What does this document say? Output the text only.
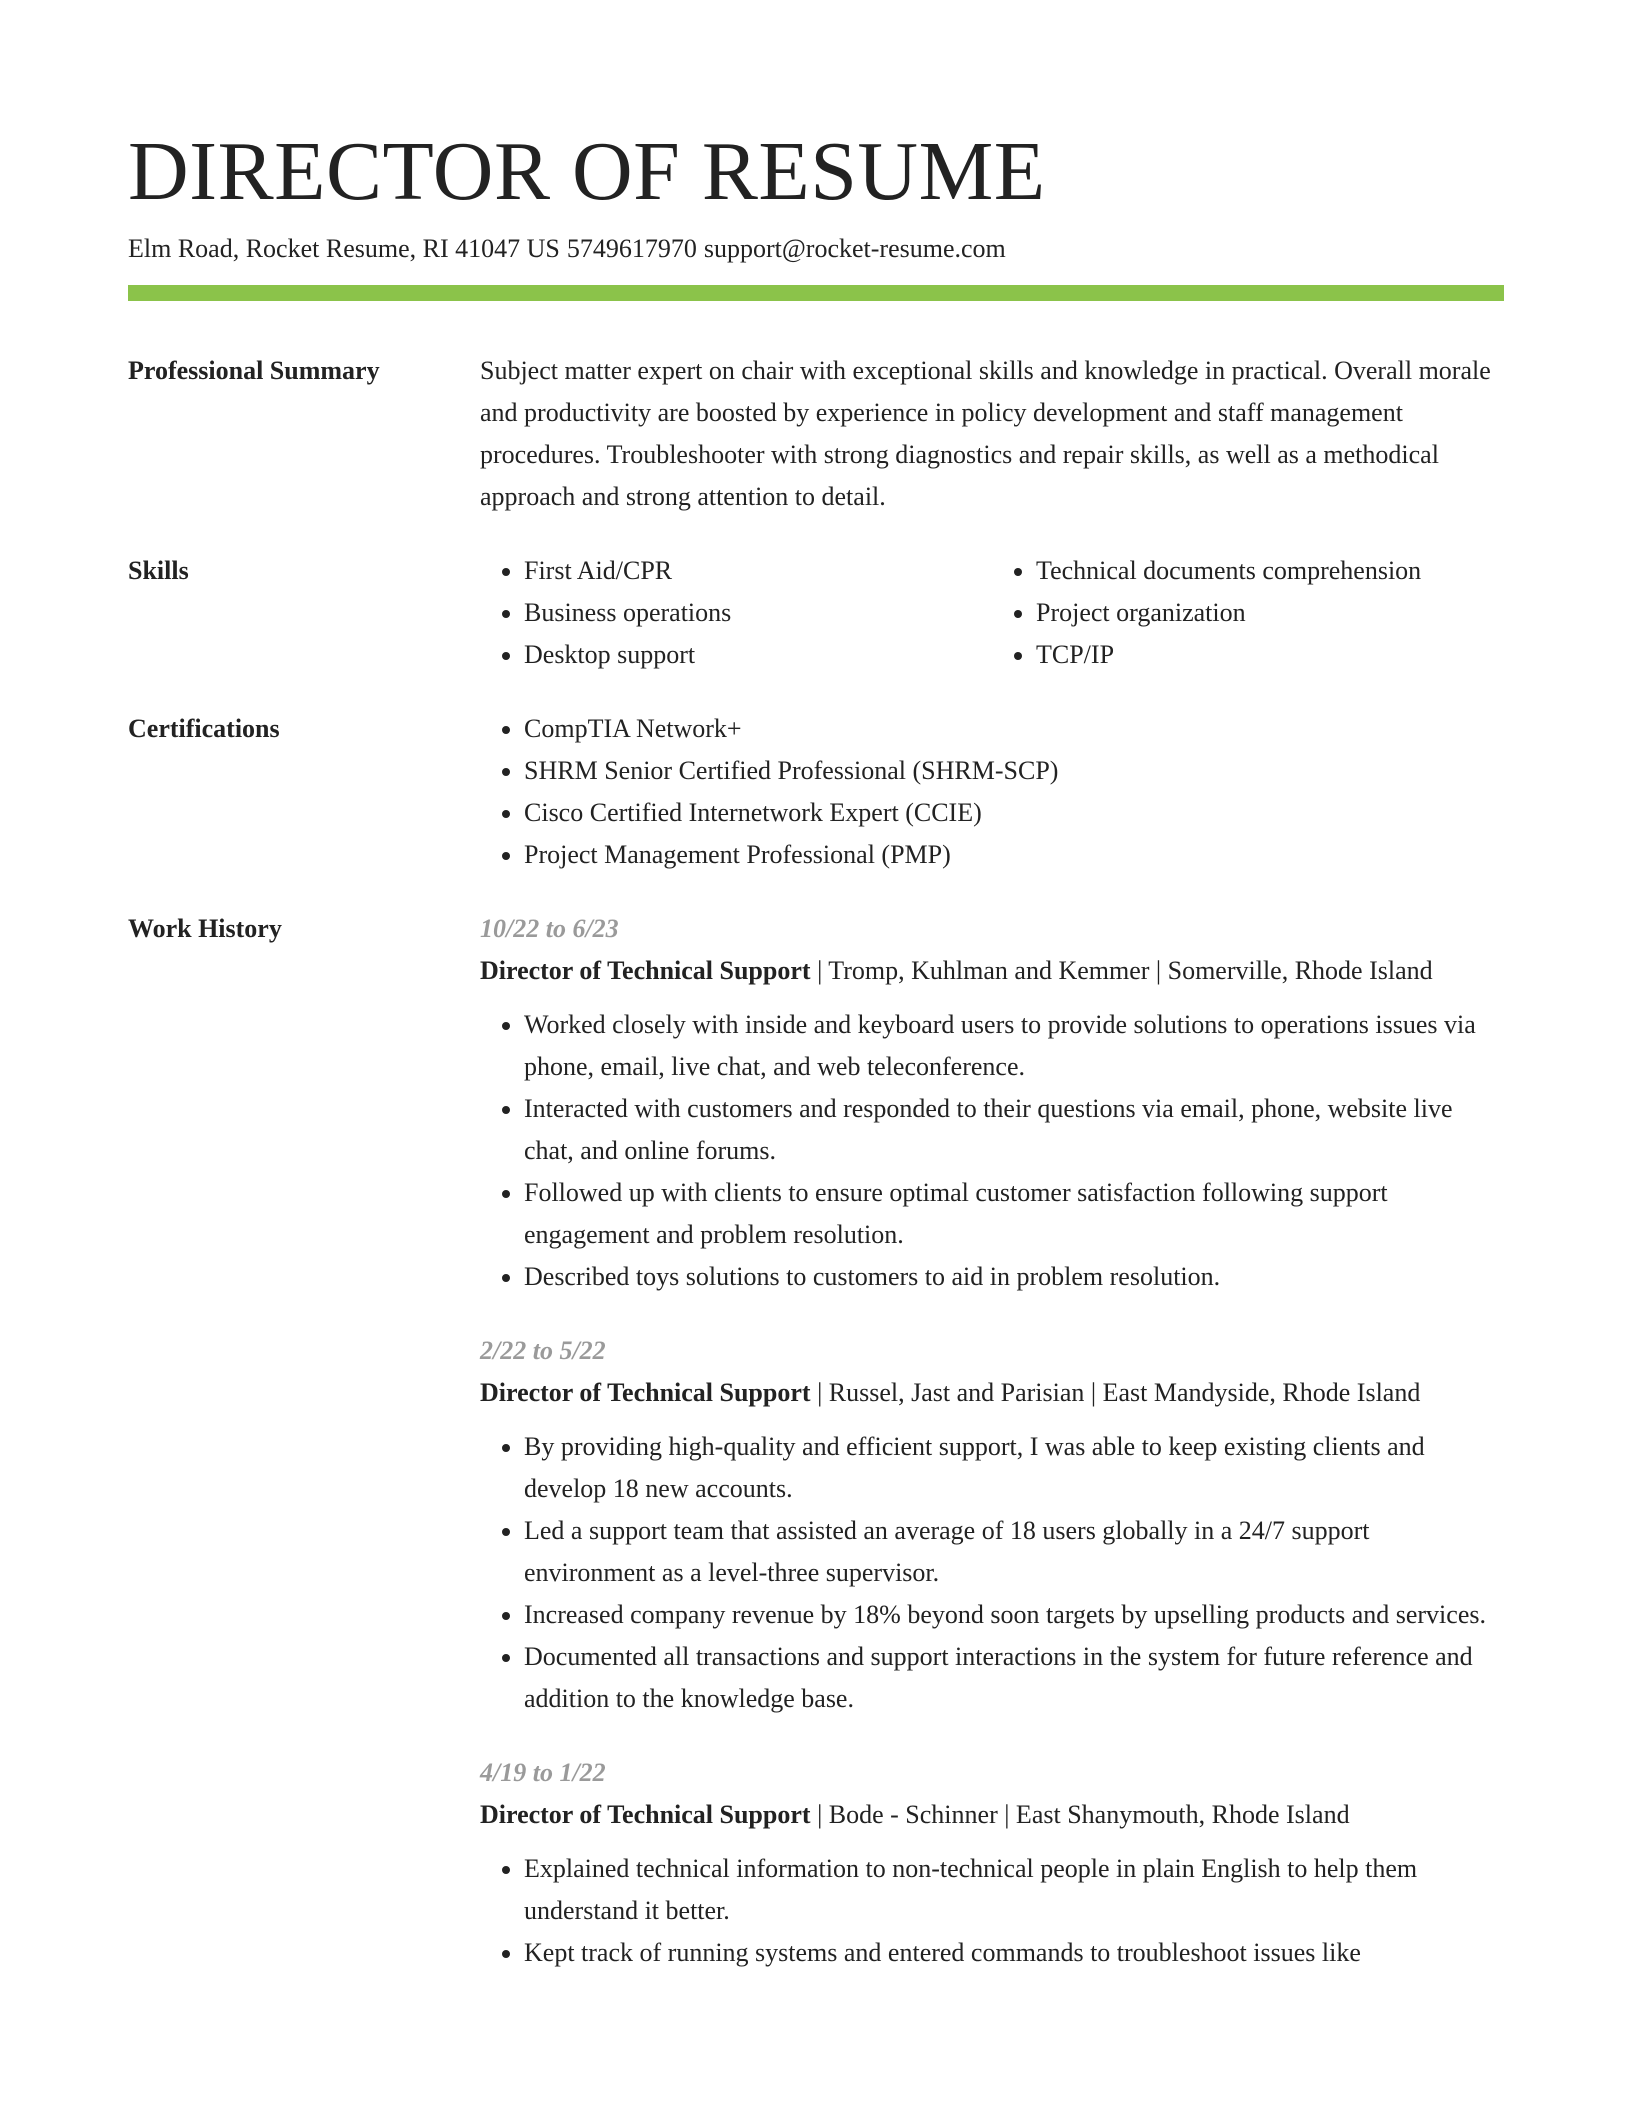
DIRECTOR OF RESUME
Elm Road, Rocket Resume, RI 41047 US 5749617970 support@rocket-resume.com
Professional Summary	Subject matter expert on chair with exceptional skills and knowledge in practical. Overall morale and productivity are boosted by experience in policy development and staff management procedures. Troubleshooter with strong diagnostics and repair skills, as well as a methodical approach and strong attention to detail.

Skills	• First Aid/CPR
• Business operations
• Desktop support
• Technical documents comprehension
• Project organization
• TCP/IP
Certifications	• CompTIA Network+
• SHRM Senior Certified Professional (SHRM-SCP)
• Cisco Certified Internetwork Expert (CCIE)
• Project Management Professional (PMP)
Work History	10/22 to 6/23
Director of Technical Support | Tromp, Kuhlman and Kemmer | Somerville, Rhode Island
• Worked closely with inside and keyboard users to provide solutions to operations issues via phone, email, live chat, and web teleconference.
• Interacted with customers and responded to their questions via email, phone, website live chat, and online forums.
• Followed up with clients to ensure optimal customer satisfaction following support engagement and problem resolution.
• Described toys solutions to customers to aid in problem resolution.
2/22 to 5/22
Director of Technical Support | Russel, Jast and Parisian | East Mandyside, Rhode Island
• By providing high-quality and efficient support, I was able to keep existing clients and develop 18 new accounts.
• Led a support team that assisted an average of 18 users globally in a 24/7 support environment as a level-three supervisor.
• Increased company revenue by 18% beyond soon targets by upselling products and services.
• Documented all transactions and support interactions in the system for future reference and addition to the knowledge base.
4/19 to 1/22
Director of Technical Support | Bode - Schinner | East Shanymouth, Rhode Island
• Explained technical information to non-technical people in plain English to help them understand it better.
• Kept track of running systems and entered commands to troubleshoot issues like
